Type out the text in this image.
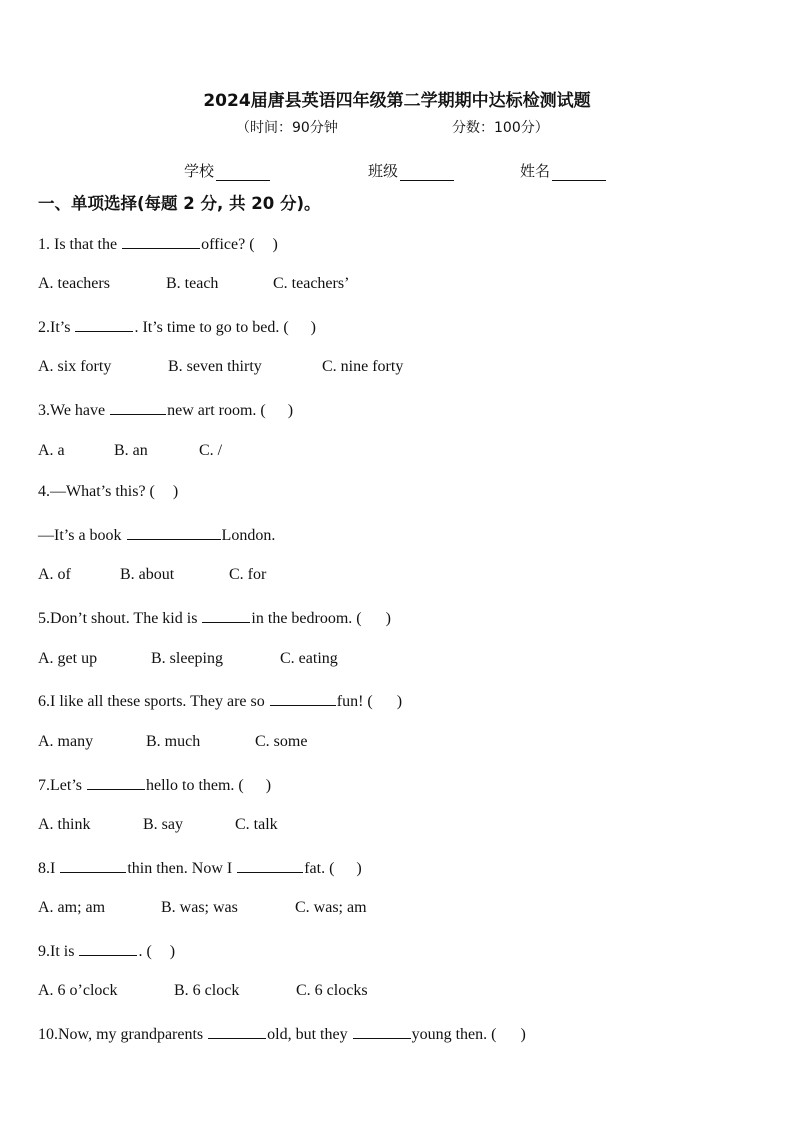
2024届唐县英语四年级第二学期期中达标检测试题
（时间：90分钟	分数：100分）
学校	班级	姓名
一、单项选择(每题 2 分, 共 20 分)。
1. Is that the	office? ( )
A. teachers	B. teach	C. teachers’
2.It’s	. It’s time to go to bed. ( )
A. six forty	B. seven thirty	C. nine forty
3.We have	new art room. ( )
A. a	B. an	C. /
4.—What’s this? ( )
—It’s a book	London.
A. of	B. about	C. for
5.Don’t shout. The kid is	in the bedroom. ( )
A. get up	B. sleeping	C. eating
6.I like all these sports. They are so	fun! ( )
A. many	B. much	C. some
7.Let’s	hello to them. ( )
A. think	B. say	C. talk
8.I	thin then. Now I	fat. ( )
A. am; am	B. was; was	C. was; am
9.It is	. ( )
A. 6 o’clock	B. 6 clock	C. 6 clocks
10.Now, my grandparents	old, but they	young then. ( )
